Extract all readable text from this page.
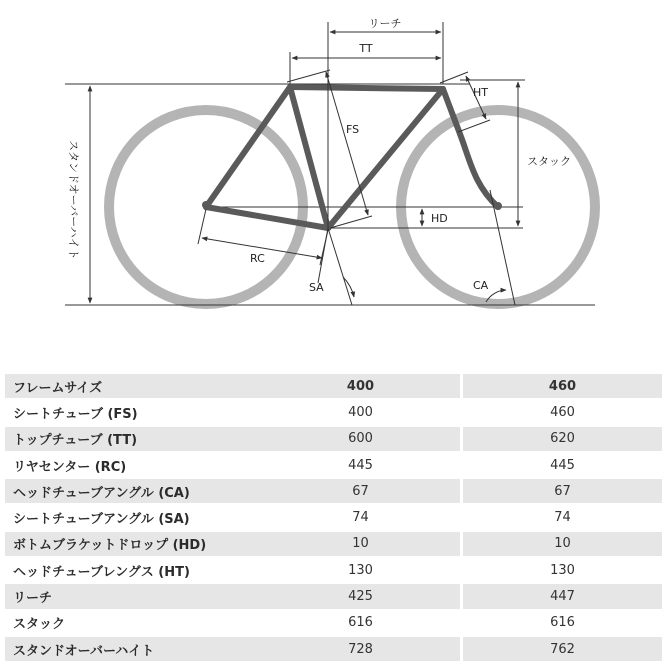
リーチ
TT
FS
HT
スタック
HD
RC
SA	CA
スタンドオーバーハイト
フレームサイズ	400		460
シートチューブ (FS)	400		460
トップチューブ (TT)	600		620
リヤセンター (RC)	445		445
ヘッドチューブアングル (CA)	67		67
シートチューブアングル (SA)	74		74
ボトムブラケットドロップ (HD)	10		10
ヘッドチューブレングス (HT)	130		130
リーチ	425		447
スタック	616		616
スタンドオーバーハイト	728		762
